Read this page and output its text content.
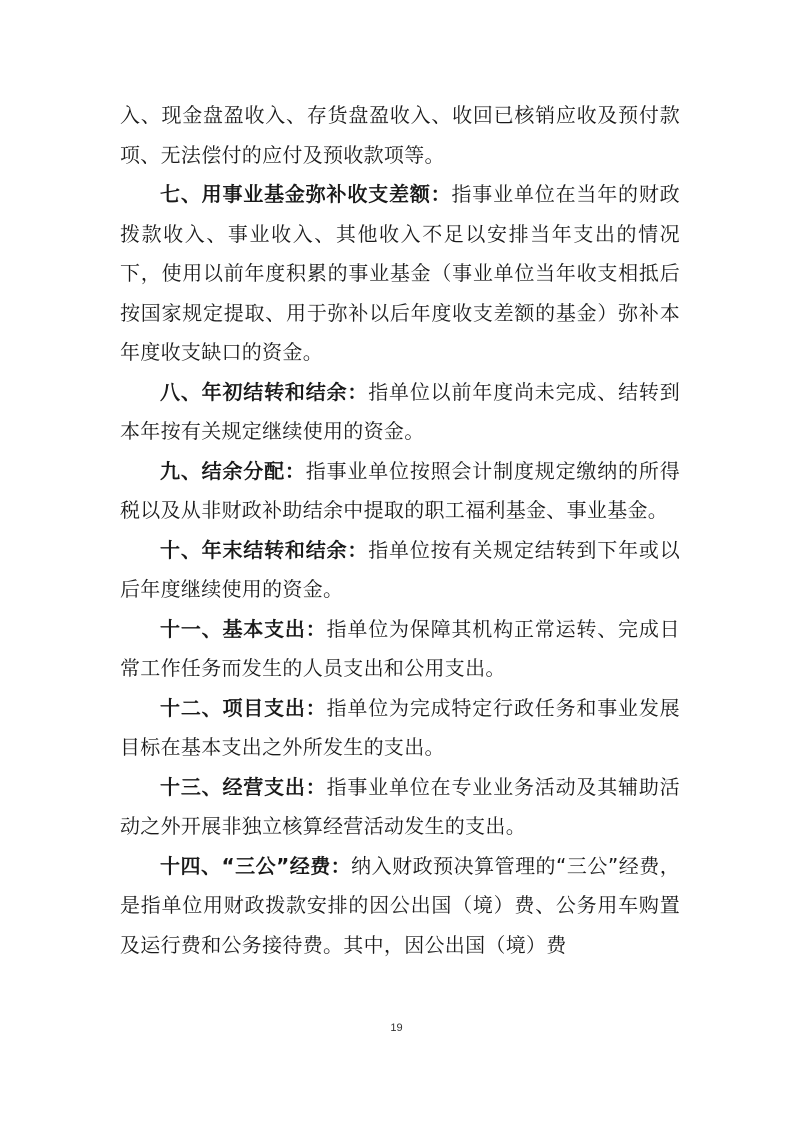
入、现金盘盈收入、存货盘盈收入、收回已核销应收及预付款项、无法偿付的应付及预收款项等。

七、用事业基金弥补收支差额：指事业单位在当年的财政拨款收入、事业收入、其他收入不足以安排当年支出的情况下，使用以前年度积累的事业基金（事业单位当年收支相抵后按国家规定提取、用于弥补以后年度收支差额的基金）弥补本年度收支缺口的资金。

八、年初结转和结余：指单位以前年度尚未完成、结转到本年按有关规定继续使用的资金。

九、结余分配：指事业单位按照会计制度规定缴纳的所得税以及从非财政补助结余中提取的职工福利基金、事业基金。

十、年末结转和结余：指单位按有关规定结转到下年或以后年度继续使用的资金。

十一、基本支出：指单位为保障其机构正常运转、完成日常工作任务而发生的人员支出和公用支出。

十二、项目支出：指单位为完成特定行政任务和事业发展目标在基本支出之外所发生的支出。

十三、经营支出：指事业单位在专业业务活动及其辅助活动之外开展非独立核算经营活动发生的支出。

十四、“三公”经费：纳入财政预决算管理的“三公”经费，是指单位用财政拨款安排的因公出国（境）费、公务用车购置及运行费和公务接待费。其中，因公出国（境）费

19
